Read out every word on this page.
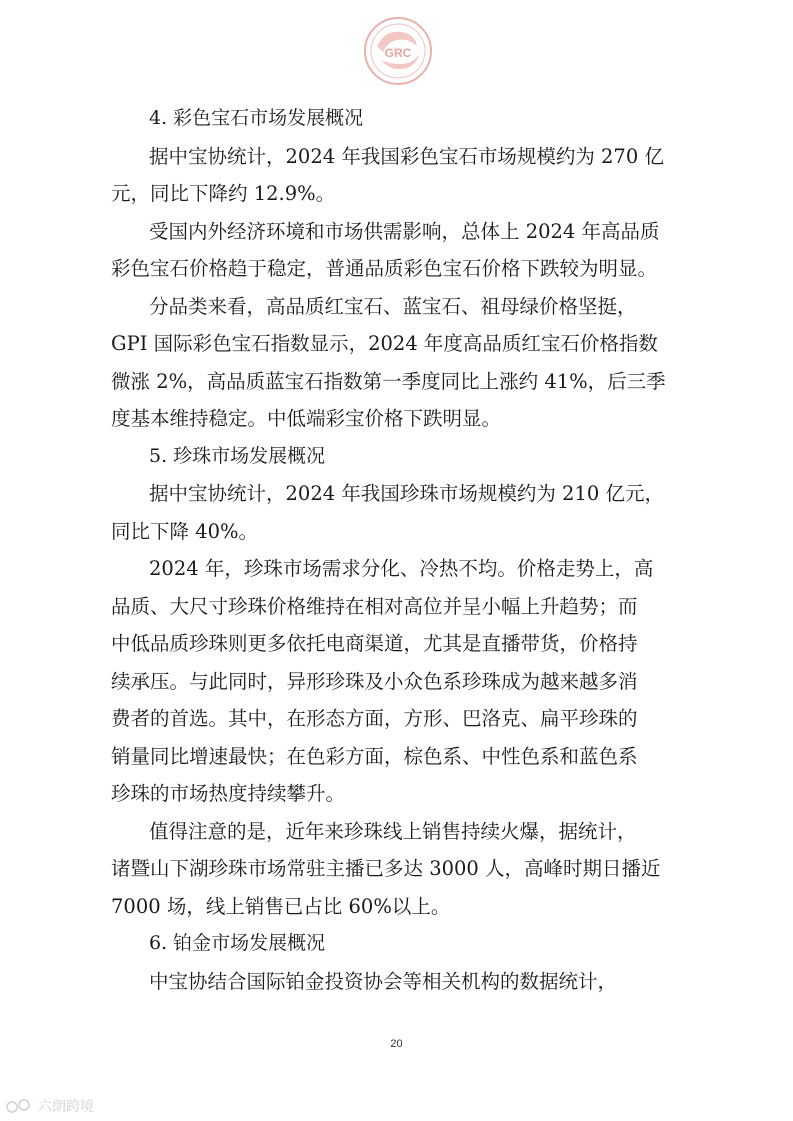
GRC

4. 彩色宝石市场发展概况

据中宝协统计，2024 年我国彩色宝石市场规模约为 270 亿
元，同比下降约 12.9%。

受国内外经济环境和市场供需影响，总体上 2024 年高品质
彩色宝石价格趋于稳定，普通品质彩色宝石价格下跌较为明显。

分品类来看，高品质红宝石、蓝宝石、祖母绿价格坚挺，
GPI 国际彩色宝石指数显示，2024 年度高品质红宝石价格指数
微涨 2%，高品质蓝宝石指数第一季度同比上涨约 41%，后三季
度基本维持稳定。中低端彩宝价格下跌明显。

5. 珍珠市场发展概况

据中宝协统计，2024 年我国珍珠市场规模约为 210 亿元，
同比下降 40%。

2024 年，珍珠市场需求分化、冷热不均。价格走势上，高
品质、大尺寸珍珠价格维持在相对高位并呈小幅上升趋势；而
中低品质珍珠则更多依托电商渠道，尤其是直播带货，价格持
续承压。与此同时，异形珍珠及小众色系珍珠成为越来越多消
费者的首选。其中，在形态方面，方形、巴洛克、扁平珍珠的
销量同比增速最快；在色彩方面，棕色系、中性色系和蓝色系
珍珠的市场热度持续攀升。

值得注意的是，近年来珍珠线上销售持续火爆，据统计，
诸暨山下湖珍珠市场常驻主播已多达 3000 人，高峰时期日播近
7000 场，线上销售已占比 60%以上。

6. 铂金市场发展概况

中宝协结合国际铂金投资协会等相关机构的数据统计，

20
六朗跨境
